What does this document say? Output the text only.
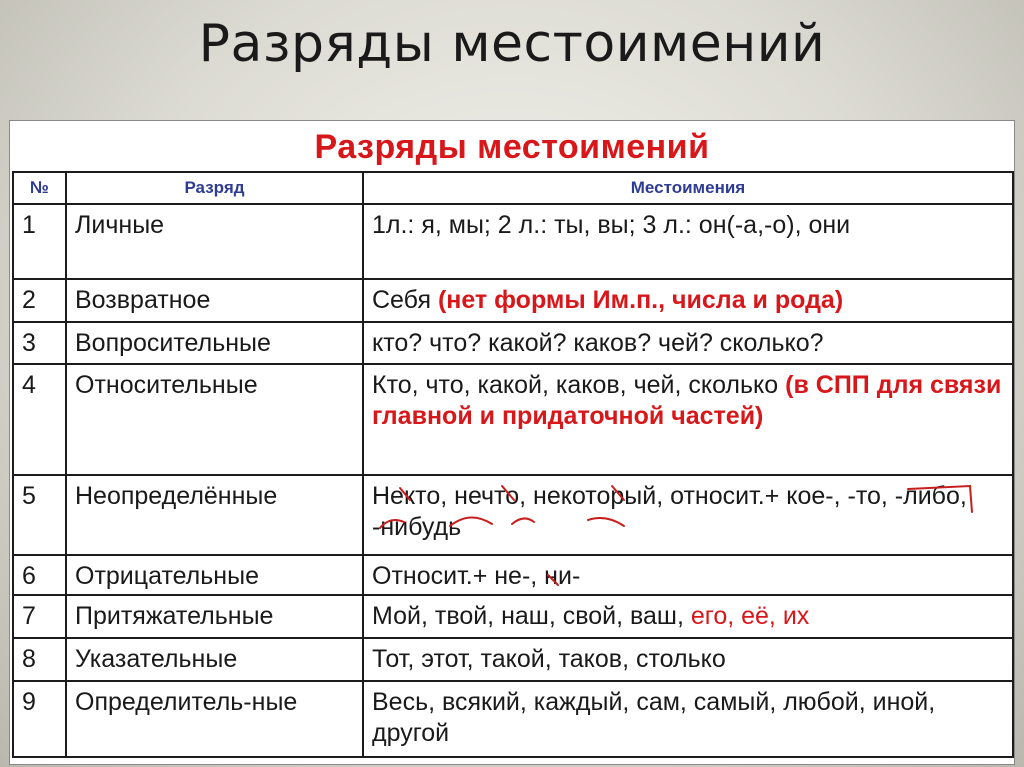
Разряды местоимений
Разряды местоимений
№	Разряд	Местоимения
1	Личные	1л.: я, мы; 2 л.: ты, вы; 3 л.: он(-а,-о), они
2	Возвратное	Себя (нет формы Им.п., числа и рода)
3	Вопросительные	кто? что? какой? каков? чей? сколько?
4	Относительные	Кто, что, какой, каков, чей, сколько (в СПП для связи главной и придаточной частей)
5	Неопределённые	Некто, нечто, некоторый, относит.+ кое-, -то, -либо, -нибудь
6	Отрицательные	Относит.+ не-, ни-
7	Притяжательные	Мой, твой, наш, свой, ваш, его, её, их
8	Указательные	Тот, этот, такой, таков, столько
9	Определитель-ные	Весь, всякий, каждый, сам, самый, любой, иной, другой
